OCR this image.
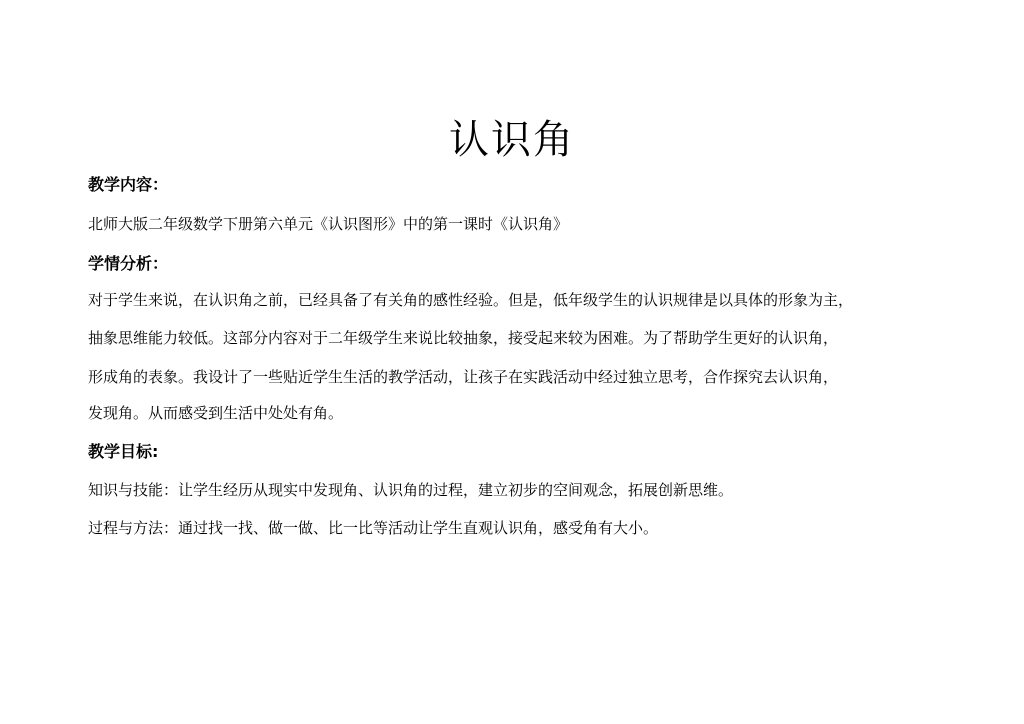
认识角
教学内容：
北师大版二年级数学下册第六单元《认识图形》中的第一课时《认识角》
学情分析：
对于学生来说，在认识角之前，已经具备了有关角的感性经验。但是，低年级学生的认识规律是以具体的形象为主，
抽象思维能力较低。这部分内容对于二年级学生来说比较抽象，接受起来较为困难。为了帮助学生更好的认识角，
形成角的表象。我设计了一些贴近学生生活的教学活动，让孩子在实践活动中经过独立思考，合作探究去认识角，
发现角。从而感受到生活中处处有角。
教学目标:
知识与技能：让学生经历从现实中发现角、认识角的过程，建立初步的空间观念，拓展创新思维。
过程与方法：通过找一找、做一做、比一比等活动让学生直观认识角，感受角有大小。
